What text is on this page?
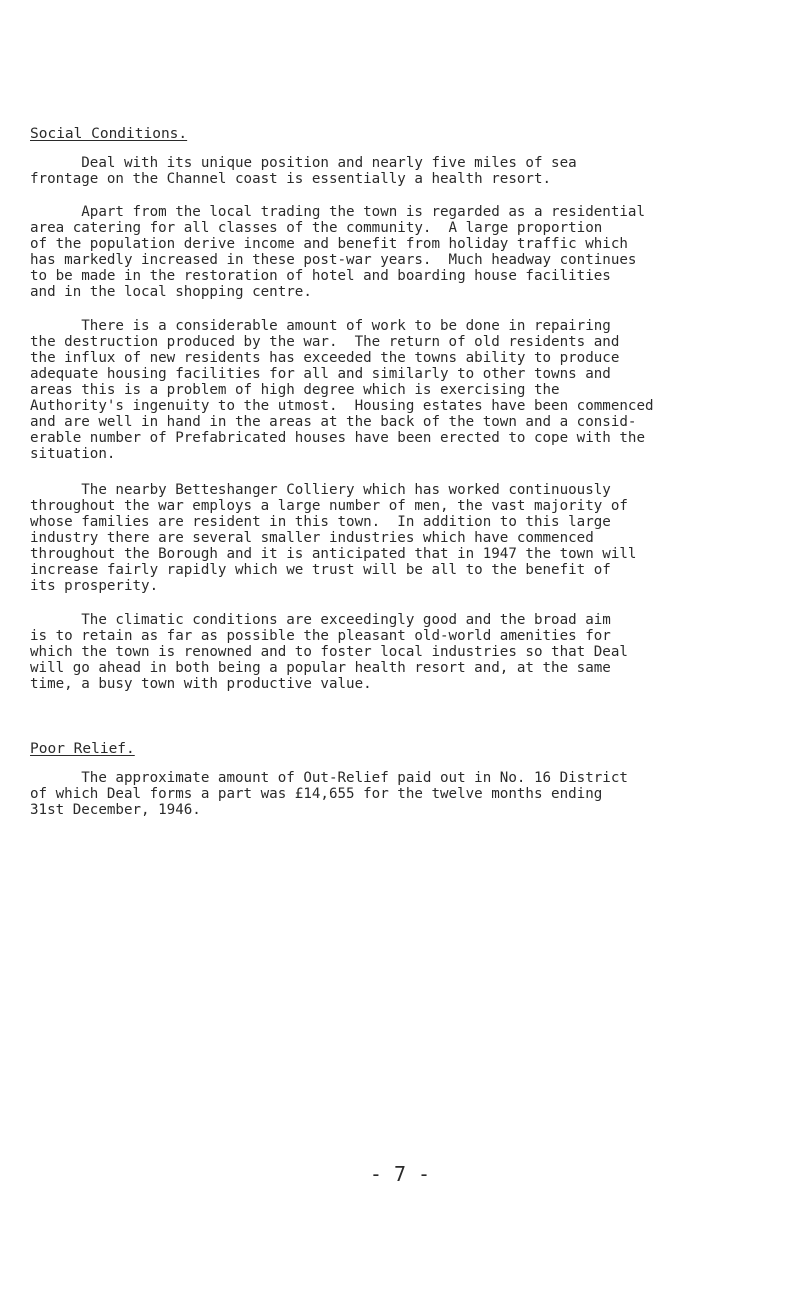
Social Conditions.
Deal with its unique position and nearly five miles of sea
frontage on the Channel coast is essentially a health resort.
Apart from the local trading the town is regarded as a residential
area catering for all classes of the community.  A large proportion
of the population derive income and benefit from holiday traffic which
has markedly increased in these post-war years.  Much headway continues
to be made in the restoration of hotel and boarding house facilities
and in the local shopping centre.
There is a considerable amount of work to be done in repairing
the destruction produced by the war.  The return of old residents and
the influx of new residents has exceeded the towns ability to produce
adequate housing facilities for all and similarly to other towns and
areas this is a problem of high degree which is exercising the
Authority's ingenuity to the utmost.  Housing estates have been commenced
and are well in hand in the areas at the back of the town and a consid-
erable number of Prefabricated houses have been erected to cope with the
situation.
The nearby Betteshanger Colliery which has worked continuously
throughout the war employs a large number of men, the vast majority of
whose families are resident in this town.  In addition to this large
industry there are several smaller industries which have commenced
throughout the Borough and it is anticipated that in 1947 the town will
increase fairly rapidly which we trust will be all to the benefit of
its prosperity.
The climatic conditions are exceedingly good and the broad aim
is to retain as far as possible the pleasant old-world amenities for
which the town is renowned and to foster local industries so that Deal
will go ahead in both being a popular health resort and, at the same
time, a busy town with productive value.
Poor Relief.
The approximate amount of Out-Relief paid out in No. 16 District
of which Deal forms a part was £14,655 for the twelve months ending
31st December, 1946.
- 7 -
